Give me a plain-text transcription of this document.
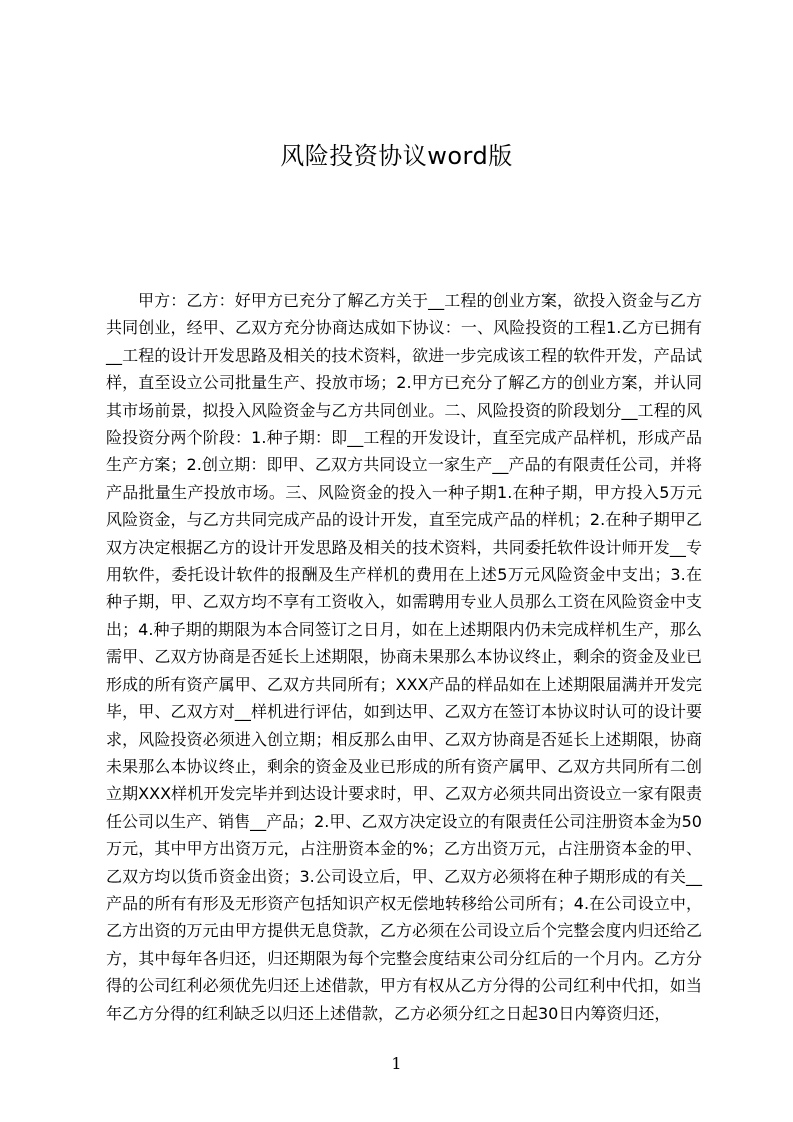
风险投资协议word版

甲方：乙方：好甲方已充分了解乙方关于__工程的创业方案，欲投入资金与乙方共同创业，经甲、乙双方充分协商达成如下协议：一、风险投资的工程1.乙方已拥有__工程的设计开发思路及相关的技术资料，欲进一步完成该工程的软件开发，产品试样，直至设立公司批量生产、投放市场；2.甲方已充分了解乙方的创业方案，并认同其市场前景，拟投入风险资金与乙方共同创业。二、风险投资的阶段划分__工程的风险投资分两个阶段：1.种子期：即__工程的开发设计，直至完成产品样机，形成产品生产方案；2.创立期：即甲、乙双方共同设立一家生产__产品的有限责任公司，并将产品批量生产投放市场。三、风险资金的投入一种子期1.在种子期，甲方投入5万元风险资金，与乙方共同完成产品的设计开发，直至完成产品的样机；2.在种子期甲乙双方决定根据乙方的设计开发思路及相关的技术资料，共同委托软件设计师开发__专用软件，委托设计软件的报酬及生产样机的费用在上述5万元风险资金中支出；3.在种子期，甲、乙双方均不享有工资收入，如需聘用专业人员那么工资在风险资金中支出；4.种子期的期限为本合同签订之日月，如在上述期限内仍未完成样机生产，那么需甲、乙双方协商是否延长上述期限，协商未果那么本协议终止，剩余的资金及业已形成的所有资产属甲、乙双方共同所有；XXX产品的样品如在上述期限届满并开发完毕，甲、乙双方对__样机进行评估，如到达甲、乙双方在签订本协议时认可的设计要求，风险投资必须进入创立期；相反那么由甲、乙双方协商是否延长上述期限，协商未果那么本协议终止，剩余的资金及业已形成的所有资产属甲、乙双方共同所有二创立期XXX样机开发完毕并到达设计要求时，甲、乙双方必须共同出资设立一家有限责任公司以生产、销售__产品；2.甲、乙双方决定设立的有限责任公司注册资本金为50万元，其中甲方出资万元，占注册资本金的%；乙方出资万元，占注册资本金的甲、乙双方均以货币资金出资；3.公司设立后，甲、乙双方必须将在种子期形成的有关__产品的所有有形及无形资产包括知识产权无偿地转移给公司所有；4.在公司设立中，乙方出资的万元由甲方提供无息贷款，乙方必须在公司设立后个完整会度内归还给乙方，其中每年各归还，归还期限为每个完整会度结束公司分红后的一个月内。乙方分得的公司红利必须优先归还上述借款，甲方有权从乙方分得的公司红利中代扣，如当年乙方分得的红利缺乏以归还上述借款，乙方必须分红之日起30日内筹资归还，

1
